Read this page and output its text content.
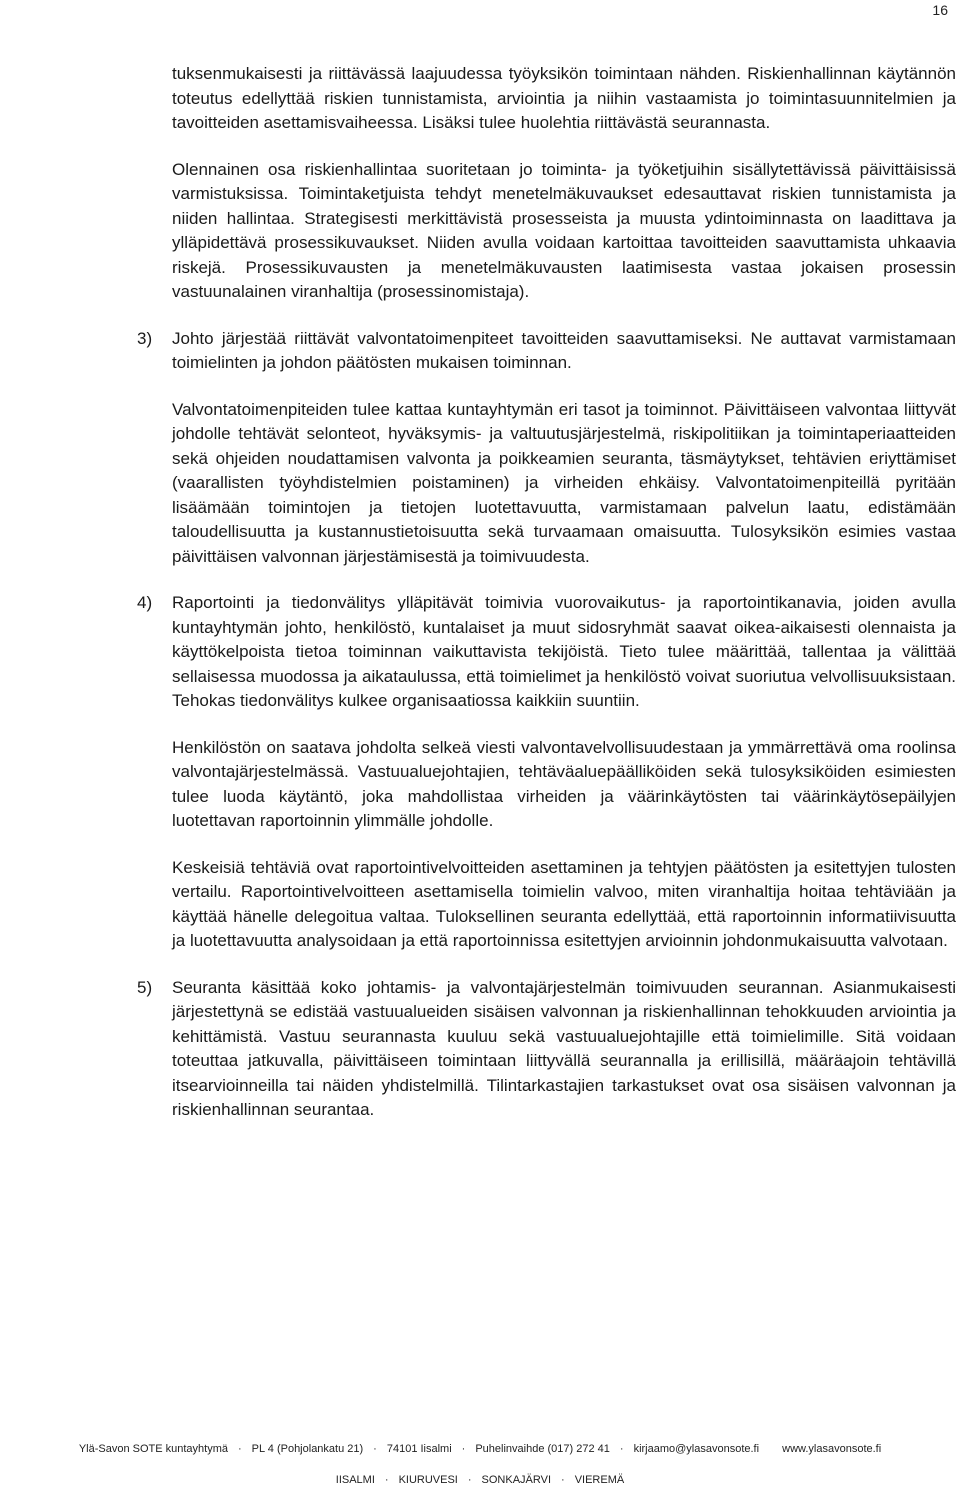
16

tuksenmukaisesti ja riittävässä laajuudessa työyksikön toimintaan nähden. Riskienhallinnan käytännön toteutus edellyttää riskien tunnistamista, arviointia ja niihin vastaamista jo toimintasuunnitelmien ja tavoitteiden asettamisvaiheessa. Lisäksi tulee huolehtia riittävästä seurannasta.

Olennainen osa riskienhallintaa suoritetaan jo toiminta- ja työketjuihin sisällytettävissä päivittäisissä varmistuksissa. Toimintaketjuista tehdyt menetelmäkuvaukset edesauttavat riskien tunnistamista ja niiden hallintaa. Strategisesti merkittävistä prosesseista ja muusta ydintoiminnasta on laadittava ja ylläpidettävä prosessikuvaukset. Niiden avulla voidaan kartoittaa tavoitteiden saavuttamista uhkaavia riskejä. Prosessikuvausten ja menetelmäkuvausten laatimisesta vastaa jokaisen prosessin vastuunalainen viranhaltija (prosessinomistaja).

3)	Johto järjestää riittävät valvontatoimenpiteet tavoitteiden saavuttamiseksi. Ne auttavat varmistamaan toimielinten ja johdon päätösten mukaisen toiminnan.

Valvontatoimenpiteiden tulee kattaa kuntayhtymän eri tasot ja toiminnot. Päivittäiseen valvontaa liittyvät johdolle tehtävät selonteot, hyväksymis- ja valtuutusjärjestelmä, riskipolitiikan ja toimintaperiaatteiden sekä ohjeiden noudattamisen valvonta ja poikkeamien seuranta, täsmäytykset, tehtävien eriyttämiset (vaarallisten työyhdistelmien poistaminen) ja virheiden ehkäisy. Valvontatoimenpiteillä pyritään lisäämään toimintojen ja tietojen luotettavuutta, varmistamaan palvelun laatu, edistämään taloudellisuutta ja kustannustietoisuutta sekä turvaamaan omaisuutta. Tulosyksikön esimies vastaa päivittäisen valvonnan järjestämisestä ja toimivuudesta.

4)	Raportointi ja tiedonvälitys ylläpitävät toimivia vuorovaikutus- ja raportointikanavia, joiden avulla kuntayhtymän johto, henkilöstö, kuntalaiset ja muut sidosryhmät saavat oikea-aikaisesti olennaista ja käyttökelpoista tietoa toiminnan vaikuttavista tekijöistä. Tieto tulee määrittää, tallentaa ja välittää sellaisessa muodossa ja aikataulussa, että toimielimet ja henkilöstö voivat suoriutua velvollisuuksistaan. Tehokas tiedonvälitys kulkee organisaatiossa kaikkiin suuntiin.

Henkilöstön on saatava johdolta selkeä viesti valvontavelvollisuudestaan ja ymmärrettävä oma roolinsa valvontajärjestelmässä. Vastuualuejohtajien, tehtäväaluepäälliköiden sekä tulosyksiköiden esimiesten tulee luoda käytäntö, joka mahdollistaa virheiden ja väärinkäytösten tai väärinkäytösepäilyjen luotettavan raportoinnin ylimmälle johdolle.

Keskeisiä tehtäviä ovat raportointivelvoitteiden asettaminen ja tehtyjen päätösten ja esitettyjen tulosten vertailu. Raportointivelvoitteen asettamisella toimielin valvoo, miten viranhaltija hoitaa tehtäviään ja käyttää hänelle delegoitua valtaa. Tuloksellinen seuranta edellyttää, että raportoinnin informatiivisuutta ja luotettavuutta analysoidaan ja että raportoinnissa esitettyjen arvioinnin johdonmukaisuutta valvotaan.

5)	Seuranta käsittää koko johtamis- ja valvontajärjestelmän toimivuuden seurannan. Asianmukaisesti järjestettynä se edistää vastuualueiden sisäisen valvonnan ja riskienhallinnan tehokkuuden arviointia ja kehittämistä. Vastuu seurannasta kuuluu sekä vastuualuejohtajille että toimielimille. Sitä voidaan toteuttaa jatkuvalla, päivittäiseen toimintaan liittyvällä seurannalla ja erillisillä, määräajoin tehtävillä itsearvioinneilla tai näiden yhdistelmillä. Tilintarkastajien tarkastukset ovat osa sisäisen valvonnan ja riskienhallinnan seurantaa.

Ylä-Savon SOTE kuntayhtymä · PL 4 (Pohjolankatu 21) · 74101 Iisalmi · Puhelinvaihde (017) 272 41 · kirjaamo@ylasavonsote.fi www.ylasavonsote.fi
IISALMI · KIURUVESI · SONKAJÄRVI · VIEREMÄ
